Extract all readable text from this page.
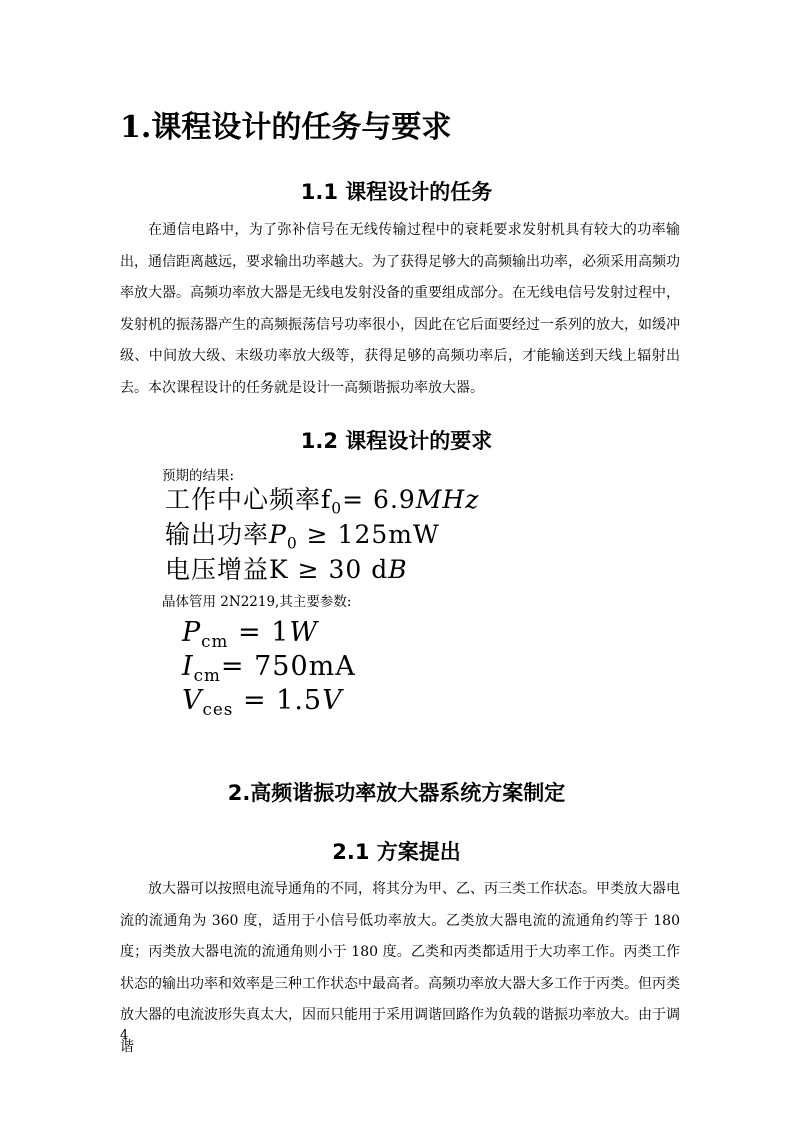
1.课程设计的任务与要求
1.1 课程设计的任务

在通信电路中，为了弥补信号在无线传输过程中的衰耗要求发射机具有较大的功率输出，通信距离越远，要求输出功率越大。为了获得足够大的高频输出功率，必须采用高频功率放大器。高频功率放大器是无线电发射没备的重要组成部分。在无线电信号发射过程中，发射机的振荡器产生的高频振荡信号功率很小，因此在它后面要经过一系列的放大，如缓冲级、中间放大级、末级功率放大级等，获得足够的高频功率后，才能输送到天线上辐射出去。本次课程设计的任务就是设计一高频谐振功率放大器。

1.2 课程设计的要求
预期的结果:
工作中心频率$f_0= 6.9MHz$
输出功率$P_0 \ge 125mW$
电压增益K ≥ 30 dB
晶体管用 2N2219,其主要参数:
$P_{cm} = 1W$
$I_{cm}= 750mA$
$V_{ces} = 1.5V$
2.高频谐振功率放大器系统方案制定
2.1 方案提出

放大器可以按照电流导通角的不同，将其分为甲、乙、丙三类工作状态。甲类放大器电流的流通角为 360 度，适用于小信号低功率放大。乙类放大器电流的流通角约等于 180 度；丙类放大器电流的流通角则小于 180 度。乙类和丙类都适用于大功率工作。丙类工作状态的输出功率和效率是三种工作状态中最高者。高频功率放大器大多工作于丙类。但丙类放大器的电流波形失真太大，因而只能用于采用调谐回路作为负载的谐振功率放大。由于调谐

4
